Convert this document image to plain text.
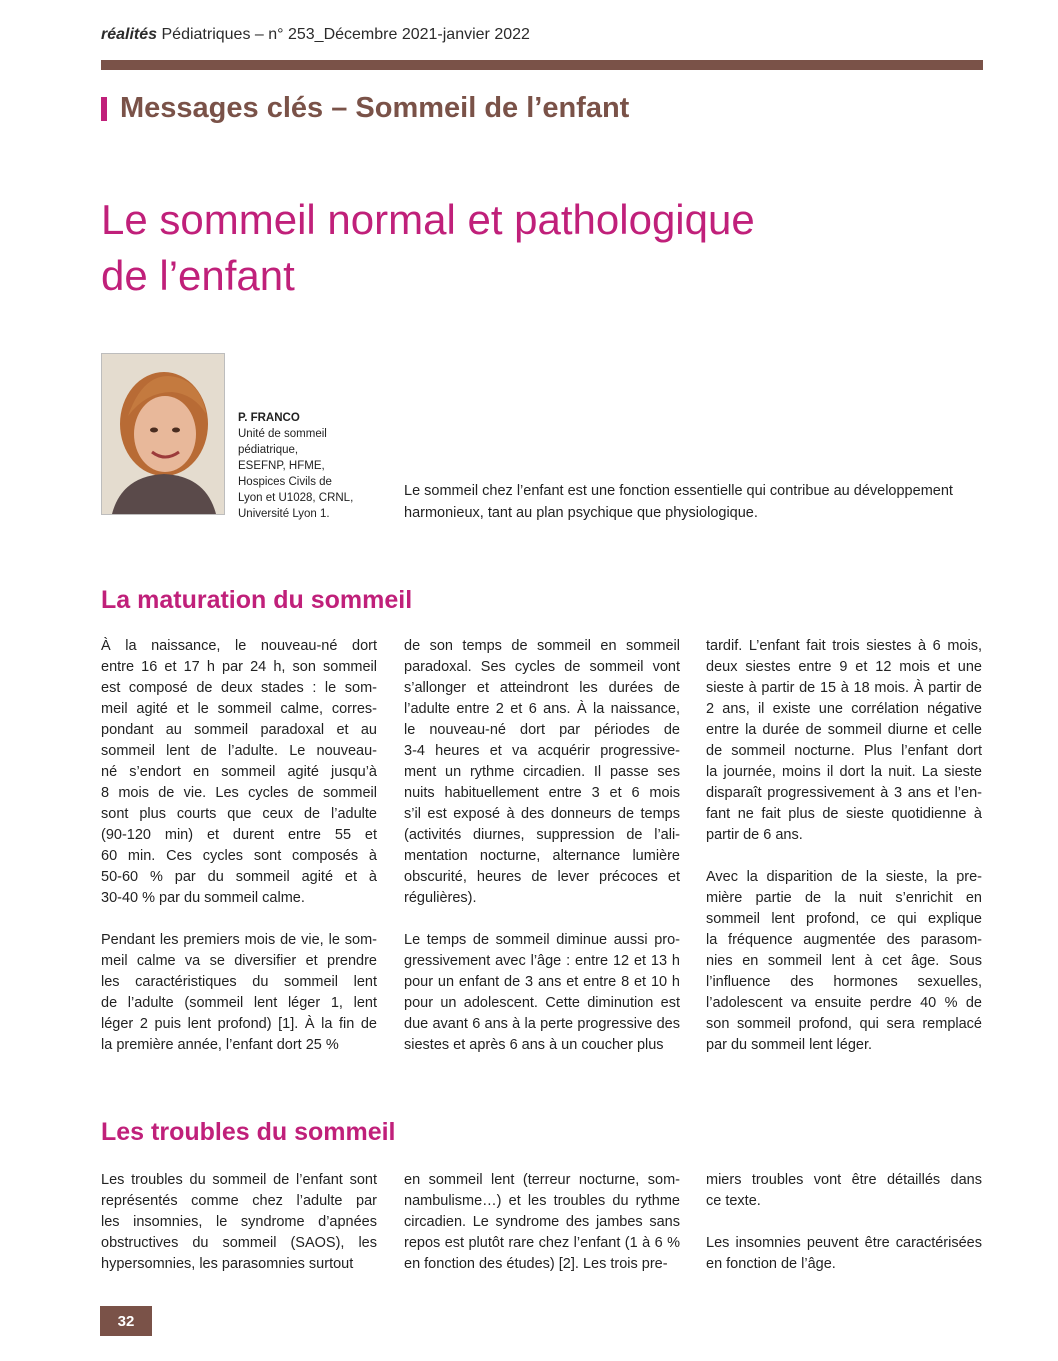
réalités Pédiatriques – n° 253_Décembre 2021-janvier 2022
Messages clés – Sommeil de l’enfant
Le sommeil normal et pathologique
de l’enfant
P. FRANCO
Unité de sommeil
pédiatrique,
ESEFNP, HFME,
Hospices Civils de
Lyon et U1028, CRNL,
Université Lyon 1.
Le sommeil chez l’enfant est une fonction essentielle qui contribue au développement
harmonieux, tant au plan psychique que physiologique.
La maturation du sommeil

À la naissance, le nouveau-né dort
entre 16 et 17 h par 24 h, son sommeil
est composé de deux stades : le som-
meil agité et le sommeil calme, corres-
pondant au sommeil paradoxal et au
sommeil lent de l’adulte. Le nouveau-
né s’endort en sommeil agité jusqu’à
8 mois de vie. Les cycles de sommeil
sont plus courts que ceux de l’adulte
(90-120 min) et durent entre 55 et
60 min. Ces cycles sont composés à
50-60 % par du sommeil agité et à
30-40 % par du sommeil calme.

Pendant les premiers mois de vie, le som-
meil calme va se diversifier et prendre
les caractéristiques du sommeil lent
de l’adulte (sommeil lent léger 1, lent
léger 2 puis lent profond) [1]. À la fin de
la première année, l’enfant dort 25 %

de son temps de sommeil en sommeil
paradoxal. Ses cycles de sommeil vont
s’allonger et atteindront les durées de
l’adulte entre 2 et 6 ans. À la naissance,
le nouveau-né dort par périodes de
3-4 heures et va acquérir progressive-
ment un rythme circadien. Il passe ses
nuits habituellement entre 3 et 6 mois
s’il est exposé à des donneurs de temps
(activités diurnes, suppression de l’ali-
mentation nocturne, alternance lumière
obscurité, heures de lever précoces et
régulières).

Le temps de sommeil diminue aussi pro-
gressivement avec l’âge : entre 12 et 13 h
pour un enfant de 3 ans et entre 8 et 10 h
pour un adolescent. Cette diminution est
due avant 6 ans à la perte progressive des
siestes et après 6 ans à un coucher plus

tardif. L’enfant fait trois siestes à 6 mois,
deux siestes entre 9 et 12 mois et une
sieste à partir de 15 à 18 mois. À partir de
2 ans, il existe une corrélation négative
entre la durée de sommeil diurne et celle
de sommeil nocturne. Plus l’enfant dort
la journée, moins il dort la nuit. La sieste
disparaît progressivement à 3 ans et l’en-
fant ne fait plus de sieste quotidienne à
partir de 6 ans.

Avec la disparition de la sieste, la pre-
mière partie de la nuit s’enrichit en
sommeil lent profond, ce qui explique
la fréquence augmentée des parasom-
nies en sommeil lent à cet âge. Sous
l’influence des hormones sexuelles,
l’adolescent va ensuite perdre 40 % de
son sommeil profond, qui sera remplacé
par du sommeil lent léger.

Les troubles du sommeil

Les troubles du sommeil de l’enfant sont
représentés comme chez l’adulte par
les insomnies, le syndrome d’apnées
obstructives du sommeil (SAOS), les
hypersomnies, les parasomnies surtout

en sommeil lent (terreur nocturne, som-
nambulisme…) et les troubles du rythme
circadien. Le syndrome des jambes sans
repos est plutôt rare chez l’enfant (1 à 6 %
en fonction des études) [2]. Les trois pre-

miers troubles vont être détaillés dans
ce texte.

Les insomnies peuvent être caractérisées
en fonction de l’âge.

32
